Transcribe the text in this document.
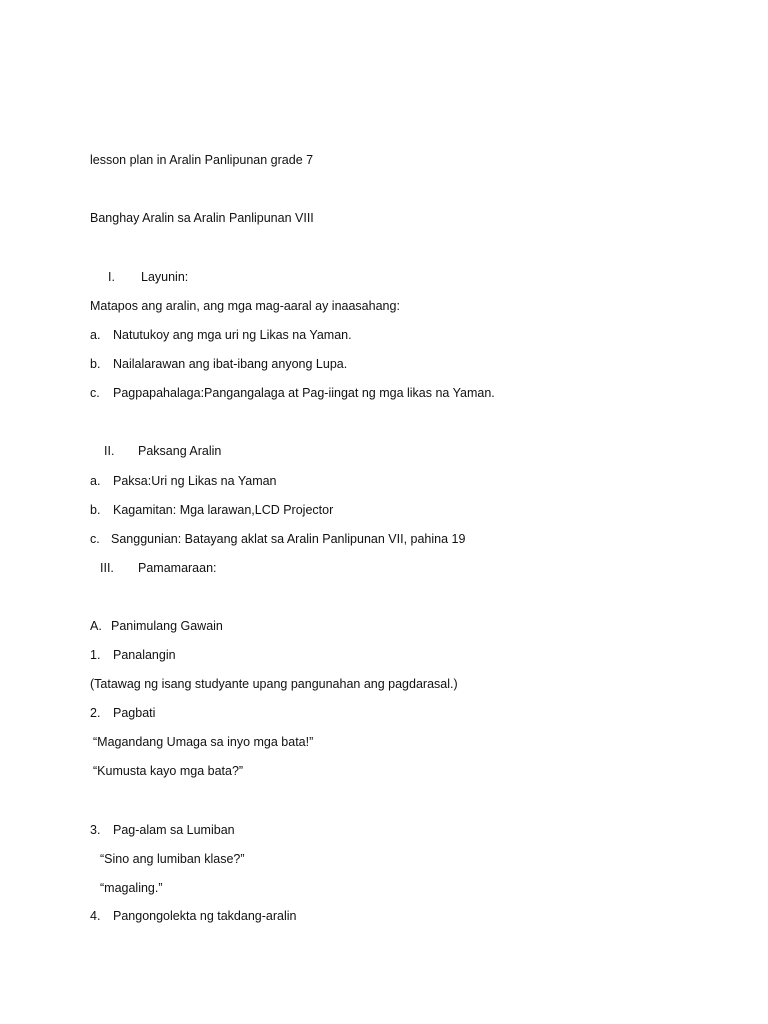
lesson plan in Aralin Panlipunan grade 7
Banghay Aralin sa Aralin Panlipunan VIII
I. Layunin:
Matapos ang aralin, ang mga mag-aaral ay inaasahang:
a. Natutukoy ang mga uri ng Likas na Yaman.
b. Nailalarawan ang ibat-ibang anyong Lupa.
c. Pagpapahalaga:Pangangalaga at Pag-iingat ng mga likas na Yaman.
II. Paksang Aralin
a. Paksa:Uri ng Likas na Yaman
b. Kagamitan: Mga larawan,LCD Projector
c. Sanggunian: Batayang aklat sa Aralin Panlipunan VII, pahina 19
III. Pamamaraan:
A. Panimulang Gawain
1. Panalangin
(Tatawag ng isang studyante upang pangunahan ang pagdarasal.)
2. Pagbati
“Magandang Umaga sa inyo mga bata!”
“Kumusta kayo mga bata?”
3. Pag-alam sa Lumiban
“Sino ang lumiban klase?”
“magaling.”
4. Pangongolekta ng takdang-aralin
